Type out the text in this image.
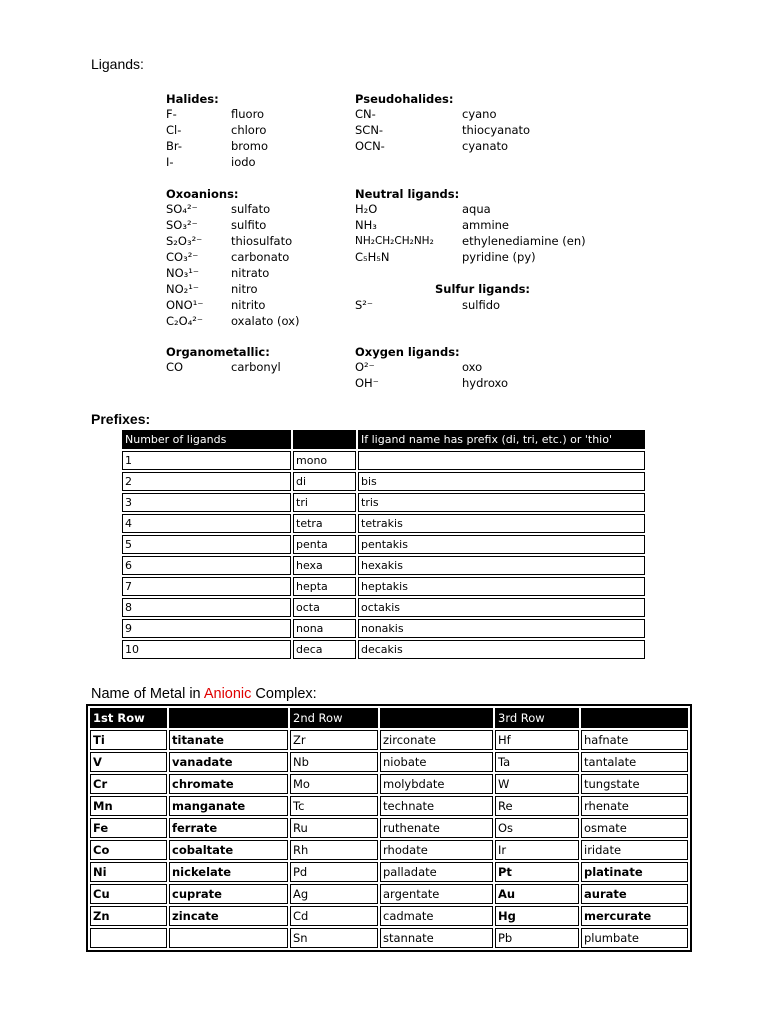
Ligands:
Halides:
F-	fluoro
Cl-	chloro
Br-	bromo
I-	iodo
Pseudohalides:
CN-	cyano
SCN-	thiocyanato
OCN-	cyanato
Oxoanions:
SO₄²⁻	sulfato
SO₃²⁻	sulfito
S₂O₃²⁻ thiosulfato
CO₃²⁻	carbonato
NO₃¹⁻	nitrato
NO₂¹⁻	nitro
ONO¹⁻ nitrito
C₂O₄²⁻ oxalato (ox)
Neutral ligands:
H₂O	aqua
NH₃	ammine
NH₂CH₂CH₂NH₂ ethylenediamine (en)
C₅H₅N	pyridine (py)
Sulfur ligands:
S²⁻	sulfido
Organometallic:
CO	carbonyl
Oxygen ligands:
O²⁻	oxo
OH⁻	hydroxo
Prefixes:
Number of ligands		If ligand name has prefix (di, tri, etc.) or 'thio'
1	mono	
2	di	bis
3	tri	tris
4	tetra	tetrakis
5	penta	pentakis
6	hexa	hexakis
7	hepta	heptakis
8	octa	octakis
9	nona	nonakis
10	deca	decakis
Name of Metal in Anionic Complex:
1st Row		2nd Row		3rd Row	
Ti	titanate	Zr	zirconate	Hf	hafnate
V	vanadate	Nb	niobate	Ta	tantalate
Cr	chromate	Mo	molybdate	W	tungstate
Mn	manganate	Tc	technate	Re	rhenate
Fe	ferrate	Ru	ruthenate	Os	osmate
Co	cobaltate	Rh	rhodate	Ir	iridate
Ni	nickelate	Pd	palladate	Pt	platinate
Cu	cuprate	Ag	argentate	Au	aurate
Zn	zincate	Cd	cadmate	Hg	mercurate
		Sn	stannate	Pb	plumbate
